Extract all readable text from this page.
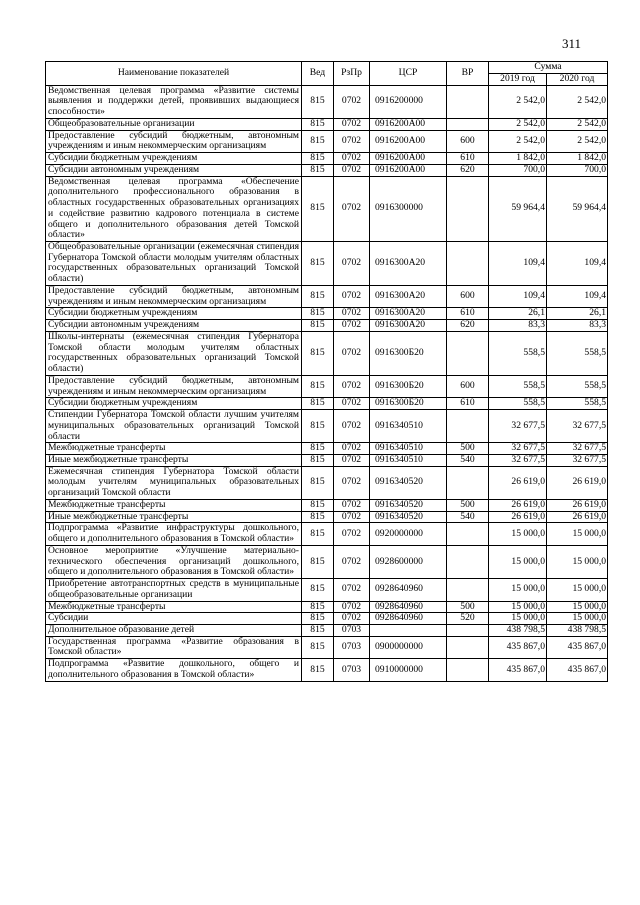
311
Наименование показателей	Вед	РзПр	ЦСР	ВР	Сумма	
					2019 год	2020 год
Ведомственная целевая программа «Развитие системы выявления и поддержки детей, проявивших выдающиеся способности»	815	0702	0916200000		2 542,0	2 542,0
Общеобразовательные организации	815	0702	0916200А00		2 542,0	2 542,0
Предоставление субсидий бюджетным, автономным учреждениям и иным некоммерческим организациям	815	0702	0916200А00	600	2 542,0	2 542,0
Субсидии бюджетным учреждениям	815	0702	0916200А00	610	1 842,0	1 842,0
Субсидии автономным учреждениям	815	0702	0916200А00	620	700,0	700,0
Ведомственная целевая программа «Обеспечение дополнительного профессионального образования в областных государственных образовательных организациях и содействие развитию кадрового потенциала в системе общего и дополнительного образования детей Томской области»	815	0702	0916300000		59 964,4	59 964,4
Общеобразовательные организации (ежемесячная стипендия Губернатора Томской области молодым учителям областных государственных образовательных организаций Томской области)	815	0702	0916300А20		109,4	109,4
Предоставление субсидий бюджетным, автономным учреждениям и иным некоммерческим организациям	815	0702	0916300А20	600	109,4	109,4
Субсидии бюджетным учреждениям	815	0702	0916300А20	610	26,1	26,1
Субсидии автономным учреждениям	815	0702	0916300А20	620	83,3	83,3
Школы-интернаты (ежемесячная стипендия Губернатора Томской области молодым учителям областных государственных образовательных организаций Томской области)	815	0702	0916300Б20		558,5	558,5
Предоставление субсидий бюджетным, автономным учреждениям и иным некоммерческим организациям	815	0702	0916300Б20	600	558,5	558,5
Субсидии бюджетным учреждениям	815	0702	0916300Б20	610	558,5	558,5
Стипендии Губернатора Томской области лучшим учителям муниципальных образовательных организаций Томской области	815	0702	0916340510		32 677,5	32 677,5
Межбюджетные трансферты	815	0702	0916340510	500	32 677,5	32 677,5
Иные межбюджетные трансферты	815	0702	0916340510	540	32 677,5	32 677,5
Ежемесячная стипендия Губернатора Томской области молодым учителям муниципальных образовательных организаций Томской области	815	0702	0916340520		26 619,0	26 619,0
Межбюджетные трансферты	815	0702	0916340520	500	26 619,0	26 619,0
Иные межбюджетные трансферты	815	0702	0916340520	540	26 619,0	26 619,0
Подпрограмма «Развитие инфраструктуры дошкольного, общего и дополнительного образования в Томской области»	815	0702	0920000000		15 000,0	15 000,0
Основное мероприятие «Улучшение материально-технического обеспечения организаций дошкольного, общего и дополнительного образования в Томской области»	815	0702	0928600000		15 000,0	15 000,0
Приобретение автотранспортных средств в муниципальные общеобразовательные организации	815	0702	0928640960		15 000,0	15 000,0
Межбюджетные трансферты	815	0702	0928640960	500	15 000,0	15 000,0
Субсидии	815	0702	0928640960	520	15 000,0	15 000,0
Дополнительное образование детей	815	0703			438 798,5	438 798,5
Государственная программа «Развитие образования в Томской области»	815	0703	0900000000		435 867,0	435 867,0
Подпрограмма «Развитие дошкольного, общего и дополнительного образования в Томской области»	815	0703	0910000000		435 867,0	435 867,0
